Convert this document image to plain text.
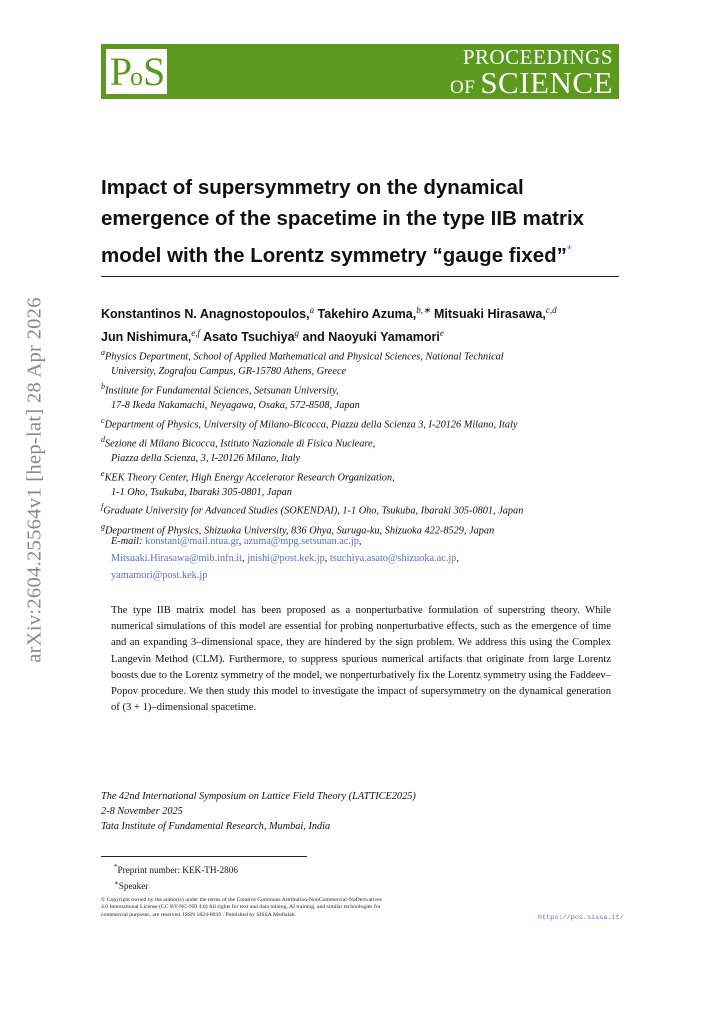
P o S	PROCEEDINGS
OF SCIENCE
arXiv:2604.25564v1 [hep-lat] 28 Apr 2026
Impact of supersymmetry on the dynamical
emergence of the spacetime in the type IIB matrix
model with the Lorentz symmetry “gauge fixed”*
Konstantinos N. Anagnostopoulos,$^a$ Takehiro Azuma,$^{b,∗}$ Mitsuaki Hirasawa,$^{c,d}$
Jun Nishimura,$^{e,f}$ Asato Tsuchiya$^g$ and Naoyuki Yamamori$^e$
$^a$Physics Department, School of Applied Mathematical and Physical Sciences, National Technical
University, Zografou Campus, GR-15780 Athens, Greece
$^b$Institute for Fundamental Sciences, Setsunan University,
17-8 Ikeda Nakamachi, Neyagawa, Osaka, 572-8508, Japan
$^c$Department of Physics, University of Milano-Bicocca, Piazza della Scienza 3, I-20126 Milano, Italy
$^d$Sezione di Milano Bicocca, Istituto Nazionale di Fisica Nucleare,
Piazza della Scienza, 3, I-20126 Milano, Italy
$^e$KEK Theory Center, High Energy Accelerator Research Organization,
1-1 Oho, Tsukuba, Ibaraki 305-0801, Japan
$^f$Graduate University for Advanced Studies (SOKENDAI), 1-1 Oho, Tsukuba, Ibaraki 305-0801, Japan
$^g$Department of Physics, Shizuoka University, 836 Ohya, Suruga-ku, Shizuoka 422-8529, Japan
E-mail: konstant@mail.ntua.gr, azuma@mpg.setsunan.ac.jp,
Mitsuaki.Hirasawa@mib.infn.it, jnishi@post.kek.jp, tsuchiya.asato@shizuoka.ac.jp,
yamamori@post.kek.jp
The type IIB matrix model has been proposed as a nonperturbative formulation of superstring theory. While numerical simulations of this model are essential for probing nonperturbative effects, such as the emergence of time and an expanding 3–dimensional space, they are hindered by the sign problem. We address this using the Complex Langevin Method (CLM). Furthermore, to suppress spurious numerical artifacts that originate from large Lorentz boosts due to the Lorentz symmetry of the model, we nonperturbatively fix the Lorentz symmetry using the Faddeev–Popov procedure. We then study this model to investigate the impact of supersymmetry on the dynamical generation of (3 + 1)–dimensional spacetime.
The 42nd International Symposium on Lattice Field Theory (LATTICE2025)
2-8 November 2025
Tata Institute of Fundamental Research, Mumbai, India
*Preprint number: KEK-TH-2806
∗Speaker
© Copyright owned by the author(s) under the terms of the Creative Commons Attribution-NonCommercial-NoDerivatives
4.0 International License (CC BY-NC-ND 4.0) All rights for text and data mining, AI training, and similar technologies for
commercial purposes, are reserved. ISSN 1824-8039 . Published by SISSA Medialab.	https://pos.sissa.it/
